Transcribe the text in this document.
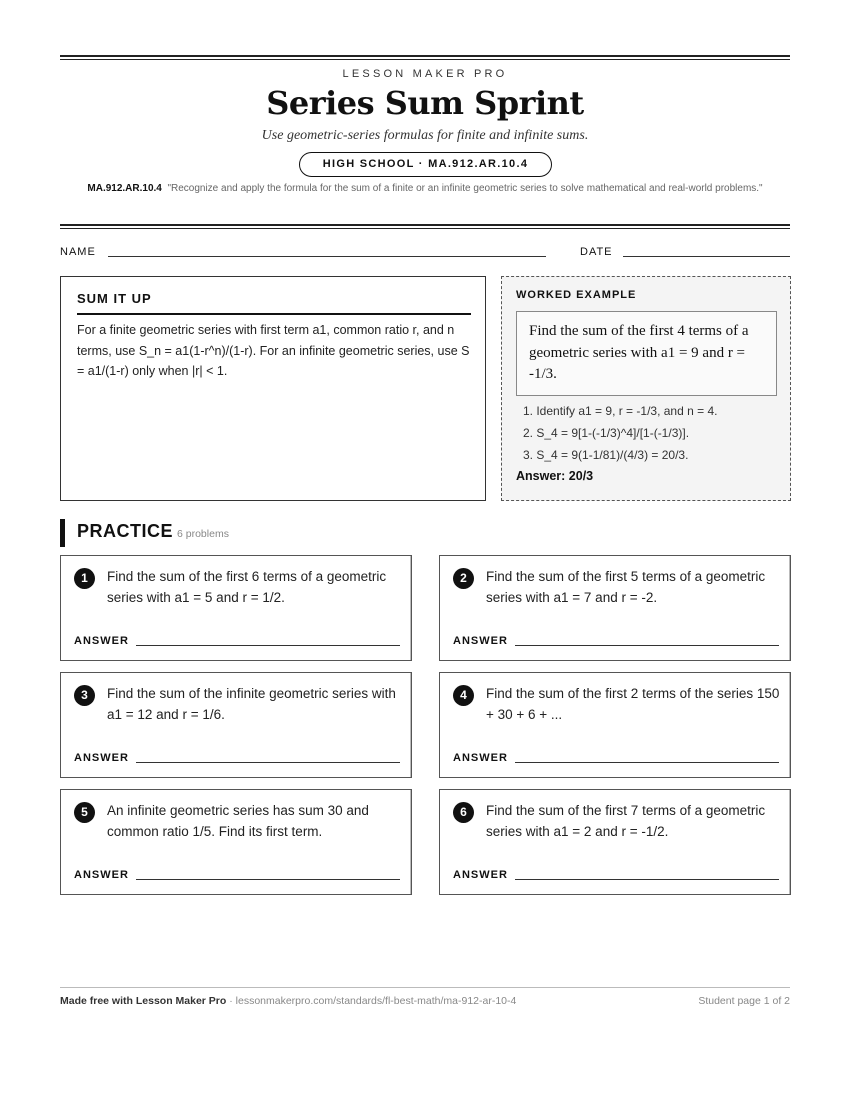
LESSON MAKER PRO
Series Sum Sprint
Use geometric-series formulas for finite and infinite sums.
HIGH SCHOOL · MA.912.AR.10.4
MA.912.AR.10.4 "Recognize and apply the formula for the sum of a finite or an infinite geometric series to solve mathematical and real-world problems."
NAME	DATE
SUM IT UP
For a finite geometric series with first term a1, common ratio r, and n terms, use S_n = a1(1-r^n)/(1-r). For an infinite geometric series, use S = a1/(1-r) only when |r| < 1.
WORKED EXAMPLE
Find the sum of the first 4 terms of a geometric series with a1 = 9 and r = -1/3.
1. Identify a1 = 9, r = -1/3, and n = 4.
2. S_4 = 9[1-(-1/3)^4]/[1-(-1/3)].
3. S_4 = 9(1-1/81)/(4/3) = 20/3.
Answer: 20/3
PRACTICE 6 problems
1	Find the sum of the first 6 terms of a geometric series with a1 = 5 and r = 1/2.
ANSWER
2	Find the sum of the first 5 terms of a geometric series with a1 = 7 and r = -2.
ANSWER
3	Find the sum of the infinite geometric series with a1 = 12 and r = 1/6.
ANSWER
4	Find the sum of the first 2 terms of the series 150 + 30 + 6 + ...
ANSWER
5	An infinite geometric series has sum 30 and common ratio 1/5. Find its first term.
ANSWER
6	Find the sum of the first 7 terms of a geometric series with a1 = 2 and r = -1/2.
ANSWER
Made free with Lesson Maker Pro · lessonmakerpro.com/standards/fl-best-math/ma-912-ar-10-4	Student page 1 of 2
